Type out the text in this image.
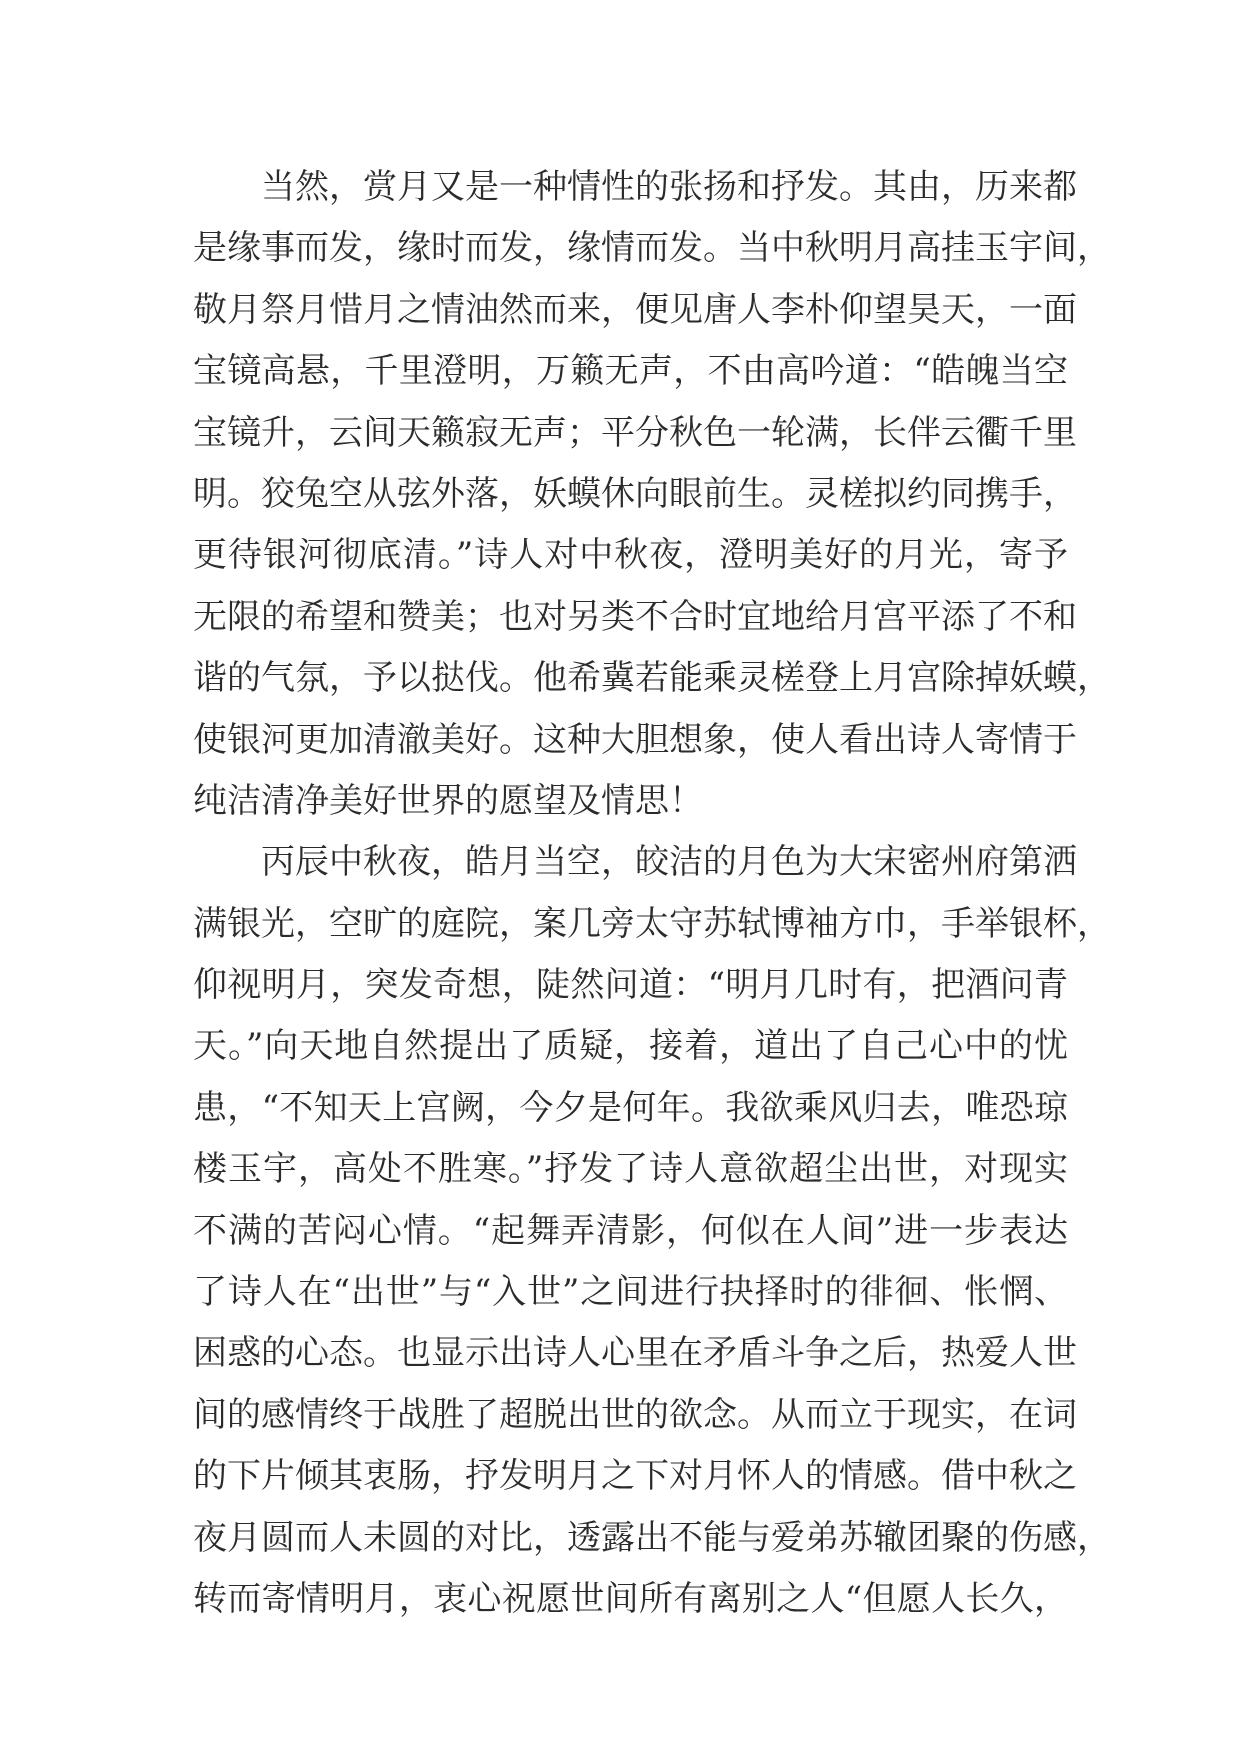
当然，赏月又是一种情性的张扬和抒发。其由，历来都
是缘事而发，缘时而发，缘情而发。当中秋明月高挂玉宇间，
敬月祭月惜月之情油然而来，便见唐人李朴仰望昊天，一面
宝镜高悬，千里澄明，万籁无声，不由高吟道：“皓魄当空
宝镜升，云间天籁寂无声；平分秋色一轮满，长伴云衢千里
明。狡兔空从弦外落，妖蟆休向眼前生。灵槎拟约同携手，
更待银河彻底清。”诗人对中秋夜，澄明美好的月光，寄予
无限的希望和赞美；也对另类不合时宜地给月宫平添了不和
谐的气氛，予以挞伐。他希冀若能乘灵槎登上月宫除掉妖蟆，
使银河更加清澈美好。这种大胆想象，使人看出诗人寄情于
纯洁清净美好世界的愿望及情思！
丙辰中秋夜，皓月当空，皎洁的月色为大宋密州府第洒
满银光，空旷的庭院，案几旁太守苏轼博袖方巾，手举银杯，
仰视明月，突发奇想，陡然问道：“明月几时有，把酒问青
天。”向天地自然提出了质疑，接着，道出了自己心中的忧
患，“不知天上宫阙，今夕是何年。我欲乘风归去，唯恐琼
楼玉宇，高处不胜寒。”抒发了诗人意欲超尘出世，对现实
不满的苦闷心情。“起舞弄清影，何似在人间”进一步表达
了诗人在“出世”与“入世”之间进行抉择时的徘徊、怅惘、
困惑的心态。也显示出诗人心里在矛盾斗争之后，热爱人世
间的感情终于战胜了超脱出世的欲念。从而立于现实，在词
的下片倾其衷肠，抒发明月之下对月怀人的情感。借中秋之
夜月圆而人未圆的对比，透露出不能与爱弟苏辙团聚的伤感，
转而寄情明月，衷心祝愿世间所有离别之人“但愿人长久，
